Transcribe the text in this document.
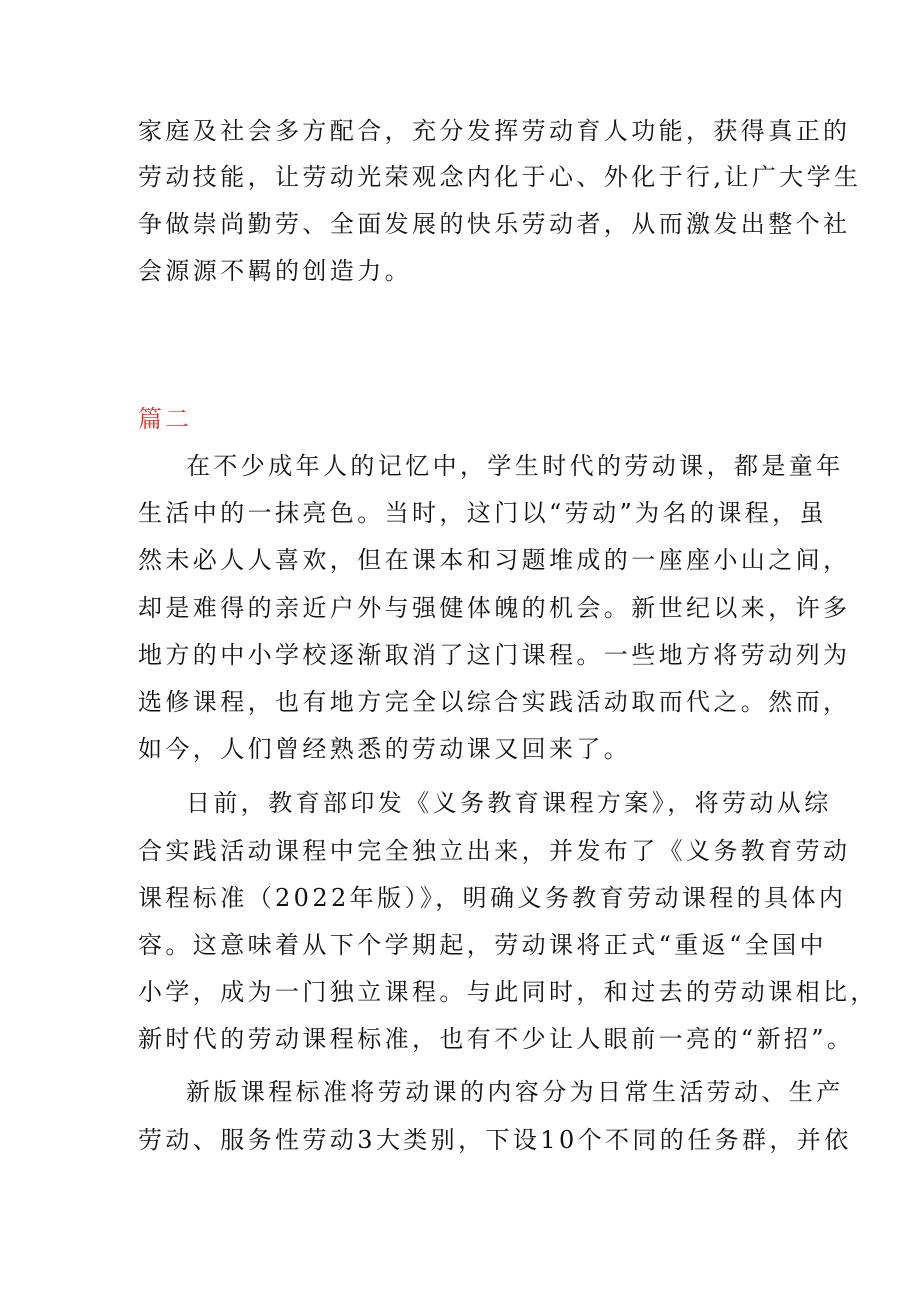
家庭及社会多方配合，充分发挥劳动育人功能，获得真正的
劳动技能，让劳动光荣观念内化于心、外化于行,让广大学生
争做崇尚勤劳、全面发展的快乐劳动者，从而激发出整个社
会源源不羁的创造力。
篇二
在不少成年人的记忆中，学生时代的劳动课，都是童年
生活中的一抹亮色。当时，这门以“劳动”为名的课程，虽
然未必人人喜欢，但在课本和习题堆成的一座座小山之间，
却是难得的亲近户外与强健体魄的机会。新世纪以来，许多
地方的中小学校逐渐取消了这门课程。一些地方将劳动列为
选修课程，也有地方完全以综合实践活动取而代之。然而，
如今，人们曾经熟悉的劳动课又回来了。
日前，教育部印发《义务教育课程方案》，将劳动从综
合实践活动课程中完全独立出来，并发布了《义务教育劳动
课程标准（2022年版）》，明确义务教育劳动课程的具体内
容。这意味着从下个学期起，劳动课将正式“重返“全国中
小学，成为一门独立课程。与此同时，和过去的劳动课相比，
新时代的劳动课程标准，也有不少让人眼前一亮的“新招”。
新版课程标准将劳动课的内容分为日常生活劳动、生产
劳动、服务性劳动3大类别，下设10个不同的任务群，并依
